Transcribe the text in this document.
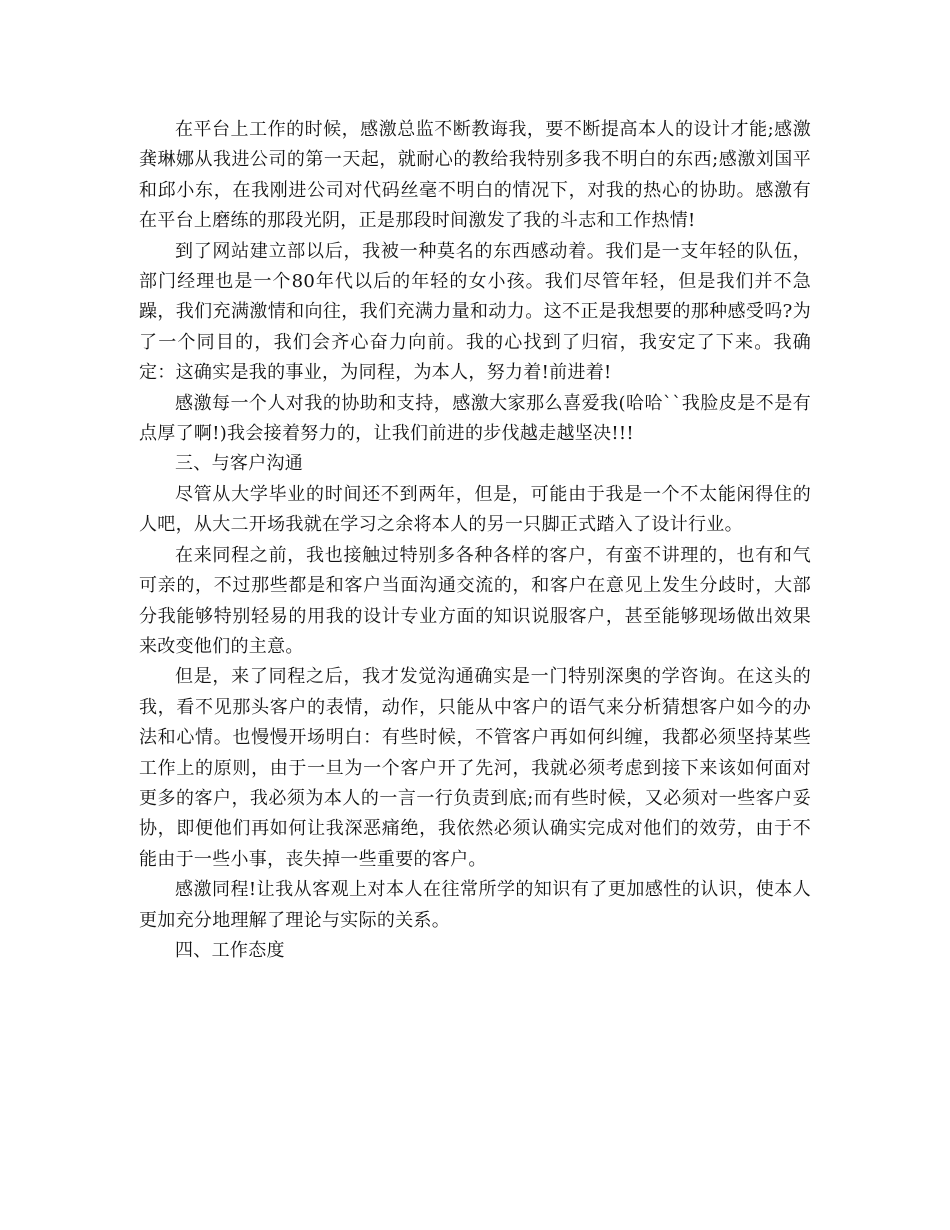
在平台上工作的时候，感激总监不断教诲我，要不断提高本人的设计才能;感激龚琳娜从我进公司的第一天起，就耐心的教给我特别多我不明白的东西;感激刘国平和邱小东，在我刚进公司对代码丝毫不明白的情况下，对我的热心的协助。感激有在平台上磨练的那段光阴，正是那段时间激发了我的斗志和工作热情!

到了网站建立部以后，我被一种莫名的东西感动着。我们是一支年轻的队伍，部门经理也是一个80年代以后的年轻的女小孩。我们尽管年轻，但是我们并不急躁，我们充满激情和向往，我们充满力量和动力。这不正是我想要的那种感受吗?为了一个同目的，我们会齐心奋力向前。我的心找到了归宿，我安定了下来。我确定：这确实是我的事业，为同程，为本人，努力着!前进着!

感激每一个人对我的协助和支持，感激大家那么喜爱我(哈哈``我脸皮是不是有点厚了啊!)我会接着努力的，让我们前进的步伐越走越坚决!!!

三、与客户沟通

尽管从大学毕业的时间还不到两年，但是，可能由于我是一个不太能闲得住的人吧，从大二开场我就在学习之余将本人的另一只脚正式踏入了设计行业。

在来同程之前，我也接触过特别多各种各样的客户，有蛮不讲理的，也有和气可亲的，不过那些都是和客户当面沟通交流的，和客户在意见上发生分歧时，大部分我能够特别轻易的用我的设计专业方面的知识说服客户，甚至能够现场做出效果来改变他们的主意。

但是，来了同程之后，我才发觉沟通确实是一门特别深奥的学咨询。在这头的我，看不见那头客户的表情，动作，只能从中客户的语气来分析猜想客户如今的办法和心情。也慢慢开场明白：有些时候，不管客户再如何纠缠，我都必须坚持某些工作上的原则，由于一旦为一个客户开了先河，我就必须考虑到接下来该如何面对更多的客户，我必须为本人的一言一行负责到底;而有些时候，又必须对一些客户妥协，即便他们再如何让我深恶痛绝，我依然必须认确实完成对他们的效劳，由于不能由于一些小事，丧失掉一些重要的客户。

感激同程!让我从客观上对本人在往常所学的知识有了更加感性的认识，使本人更加充分地理解了理论与实际的关系。

四、工作态度
